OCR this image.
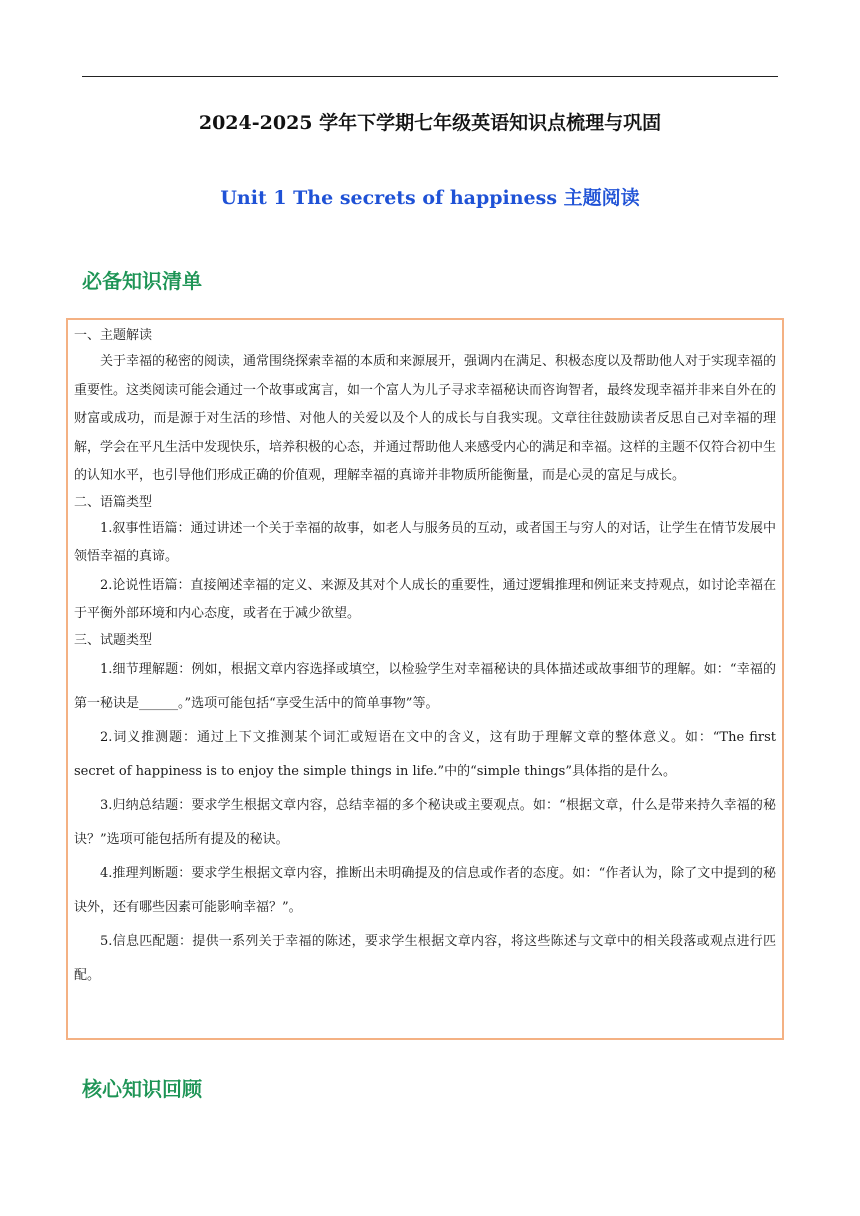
2024-2025 学年下学期七年级英语知识点梳理与巩固
Unit 1 The secrets of happiness 主题阅读
必备知识清单

一、主题解读

关于幸福的秘密的阅读，通常围绕探索幸福的本质和来源展开，强调内在满足、积极态度以及帮助他人对于实现幸福的重要性。这类阅读可能会通过一个故事或寓言，如一个富人为儿子寻求幸福秘诀而咨询智者，最终发现幸福并非来自外在的财富或成功，而是源于对生活的珍惜、对他人的关爱以及个人的成长与自我实现。文章往往鼓励读者反思自己对幸福的理解，学会在平凡生活中发现快乐，培养积极的心态，并通过帮助他人来感受内心的满足和幸福。这样的主题不仅符合初中生的认知水平，也引导他们形成正确的价值观，理解幸福的真谛并非物质所能衡量，而是心灵的富足与成长。

二、语篇类型

1.叙事性语篇：通过讲述一个关于幸福的故事，如老人与服务员的互动，或者国王与穷人的对话，让学生在情节发展中领悟幸福的真谛。

2.论说性语篇：直接阐述幸福的定义、来源及其对个人成长的重要性，通过逻辑推理和例证来支持观点，如讨论幸福在于平衡外部环境和内心态度，或者在于减少欲望。

三、试题类型

1.细节理解题：例如，根据文章内容选择或填空，以检验学生对幸福秘诀的具体描述或故事细节的理解。如：“幸福的第一秘诀是______。”选项可能包括“享受生活中的简单事物”等。

2.词义推测题：通过上下文推测某个词汇或短语在文中的含义，这有助于理解文章的整体意义。如：“The first secret of happiness is to enjoy the simple things in life.”中的“simple things”具体指的是什么。

3.归纳总结题：要求学生根据文章内容，总结幸福的多个秘诀或主要观点。如：“根据文章，什么是带来持久幸福的秘诀？”选项可能包括所有提及的秘诀。

4.推理判断题：要求学生根据文章内容，推断出未明确提及的信息或作者的态度。如：“作者认为，除了文中提到的秘诀外，还有哪些因素可能影响幸福？”。

5.信息匹配题：提供一系列关于幸福的陈述，要求学生根据文章内容，将这些陈述与文章中的相关段落或观点进行匹配。

核心知识回顾
